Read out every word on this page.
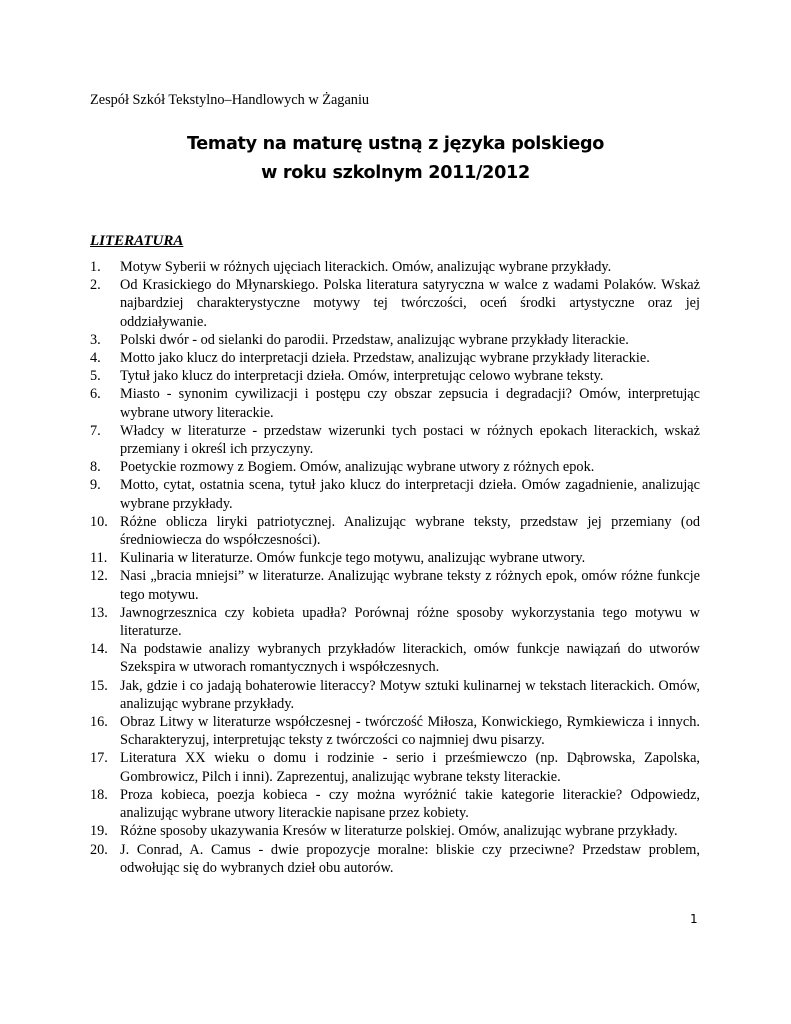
Zespół Szkół Tekstylno–Handlowych w Żaganiu
Tematy na maturę ustną z języka polskiego
w roku szkolnym 2011/2012
LITERATURA
1.	Motyw Syberii w różnych ujęciach literackich. Omów, analizując wybrane przykłady.
2.	Od Krasickiego do Młynarskiego. Polska literatura satyryczna w walce z wadami Polaków. Wskaż najbardziej charakterystyczne motywy tej twórczości, oceń środki artystyczne oraz jej oddziaływanie.
3.	Polski dwór - od sielanki do parodii. Przedstaw, analizując wybrane przykłady literackie.
4.	Motto jako klucz do interpretacji dzieła. Przedstaw, analizując wybrane przykłady literackie.
5.	Tytuł jako klucz do interpretacji dzieła. Omów, interpretując celowo wybrane teksty.
6.	Miasto - synonim cywilizacji i postępu czy obszar zepsucia i degradacji? Omów, interpretując wybrane utwory literackie.
7.	Władcy w literaturze - przedstaw wizerunki tych postaci w różnych epokach literackich, wskaż przemiany i określ ich przyczyny.
8.	Poetyckie rozmowy z Bogiem. Omów, analizując wybrane utwory z różnych epok.
9.	Motto, cytat, ostatnia scena, tytuł jako klucz do interpretacji dzieła. Omów zagadnienie, analizując wybrane przykłady.
10. Różne oblicza liryki patriotycznej. Analizując wybrane teksty, przedstaw jej przemiany (od średniowiecza do współczesności).
11. Kulinaria w literaturze. Omów funkcje tego motywu, analizując wybrane utwory.
12. Nasi „bracia mniejsi” w literaturze. Analizując wybrane teksty z różnych epok, omów różne funkcje tego motywu.
13. Jawnogrzesznica czy kobieta upadła? Porównaj różne sposoby wykorzystania tego motywu w literaturze.
14. Na podstawie analizy wybranych przykładów literackich, omów funkcje nawiązań do utworów Szekspira w utworach romantycznych i współczesnych.
15. Jak, gdzie i co jadają bohaterowie literaccy? Motyw sztuki kulinarnej w tekstach literackich. Omów, analizując wybrane przykłady.
16. Obraz Litwy w literaturze współczesnej - twórczość Miłosza, Konwickiego, Rymkiewicza i innych. Scharakteryzuj, interpretując teksty z twórczości co najmniej dwu pisarzy.
17. Literatura XX wieku o domu i rodzinie - serio i prześmiewczo (np. Dąbrowska, Zapolska, Gombrowicz, Pilch i inni). Zaprezentuj, analizując wybrane teksty literackie.
18. Proza kobieca, poezja kobieca - czy można wyróżnić takie kategorie literackie? Odpowiedz, analizując wybrane utwory literackie napisane przez kobiety.
19. Różne sposoby ukazywania Kresów w literaturze polskiej. Omów, analizując wybrane przykłady.
20. J. Conrad, A. Camus - dwie propozycje moralne: bliskie czy przeciwne? Przedstaw problem, odwołując się do wybranych dzieł obu autorów.
1
